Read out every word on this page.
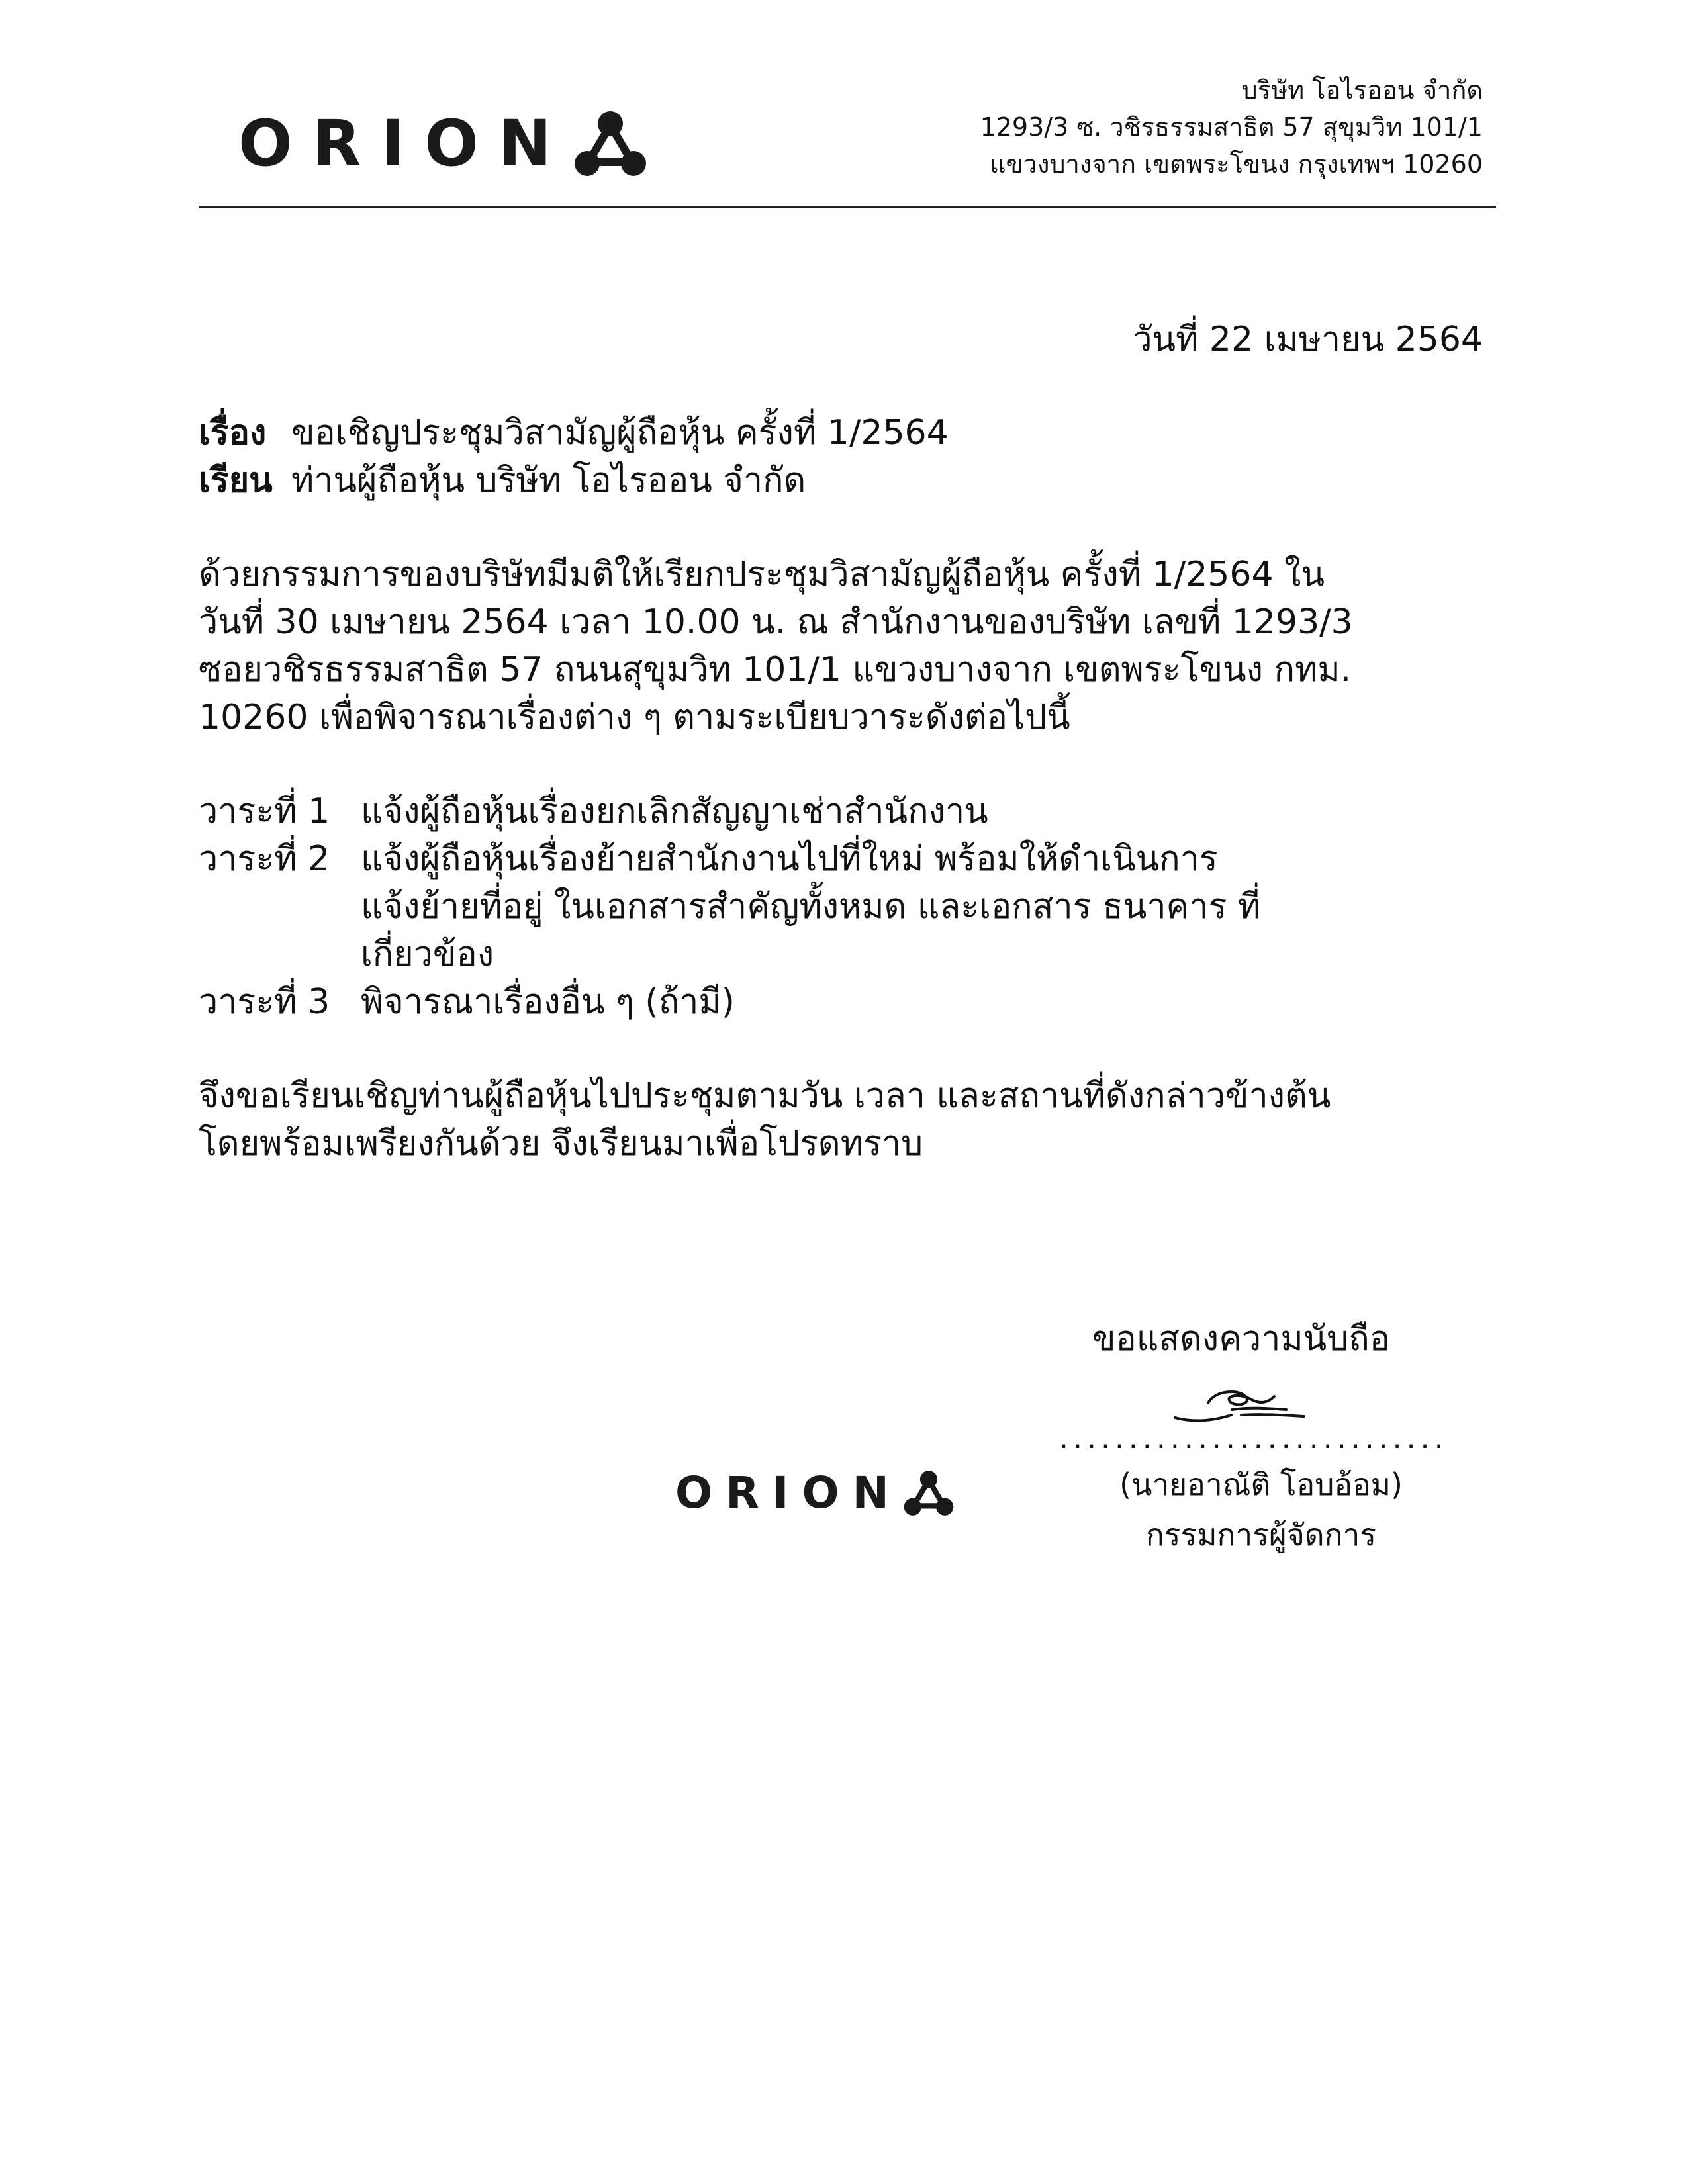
ORION
บริษัท โอไรออน จำกัด
1293/3 ซ. วชิรธรรมสาธิต 57 สุขุมวิท 101/1
แขวงบางจาก เขตพระโขนง กรุงเทพฯ 10260
วันที่ 22 เมษายน 2564
เรื่อง ขอเชิญประชุมวิสามัญผู้ถือหุ้น ครั้งที่ 1/2564
เรียน ท่านผู้ถือหุ้น บริษัท โอไรออน จำกัด
ด้วยกรรมการของบริษัทมีมติให้เรียกประชุมวิสามัญผู้ถือหุ้น ครั้งที่ 1/2564 ใน
วันที่ 30 เมษายน 2564 เวลา 10.00 น. ณ สำนักงานของบริษัท เลขที่ 1293/3
ซอยวชิรธรรมสาธิต 57 ถนนสุขุมวิท 101/1 แขวงบางจาก เขตพระโขนง กทม.
10260 เพื่อพิจารณาเรื่องต่าง ๆ ตามระเบียบวาระดังต่อไปนี้
วาระที่ 1 แจ้งผู้ถือหุ้นเรื่องยกเลิกสัญญาเช่าสำนักงาน
วาระที่ 2 แจ้งผู้ถือหุ้นเรื่องย้ายสำนักงานไปที่ใหม่ พร้อมให้ดำเนินการ
แจ้งย้ายที่อยู่ ในเอกสารสำคัญทั้งหมด และเอกสาร ธนาคาร ที่
เกี่ยวข้อง
วาระที่ 3 พิจารณาเรื่องอื่น ๆ (ถ้ามี)
จึงขอเรียนเชิญท่านผู้ถือหุ้นไปประชุมตามวัน เวลา และสถานที่ดังกล่าวข้างต้น
โดยพร้อมเพรียงกันด้วย จึงเรียนมาเพื่อโปรดทราบ
ขอแสดงความนับถือ
............................
(นายอาณัติ โอบอ้อม)
กรรมการผู้จัดการ
ORION
